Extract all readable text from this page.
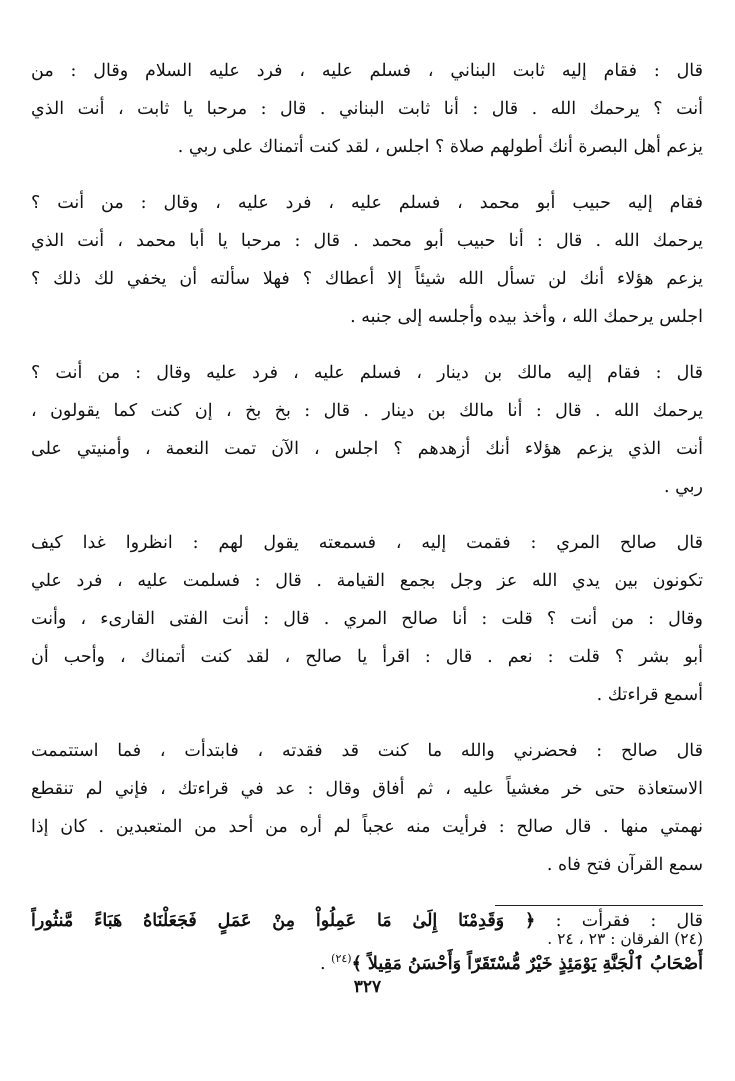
قال : فقام إليه ثابت البناني ، فسلم عليه ، فرد عليه السلام وقال : من
أنت ؟ يرحمك الله . قال : أنا ثابت البناني . قال : مرحبا يا ثابت ، أنت الذي
يزعم أهل البصرة أنك أطولهم صلاة ؟ اجلس ، لقد كنت أتمناك على ربي .
فقام إليه حبيب أبو محمد ، فسلم عليه ، فرد عليه ، وقال : من أنت ؟
يرحمك الله . قال : أنا حبيب أبو محمد . قال : مرحبا يا أبا محمد ، أنت الذي
يزعم هؤلاء أنك لن تسأل الله شيئاً إلا أعطاك ؟ فهلا سألته أن يخفي لك ذلك ؟
اجلس يرحمك الله ، وأخذ بيده وأجلسه إلى جنبه .
قال : فقام إليه مالك بن دينار ، فسلم عليه ، فرد عليه وقال : من أنت ؟
يرحمك الله . قال : أنا مالك بن دينار . قال : بخ بخ ، إن كنت كما يقولون ،
أنت الذي يزعم هؤلاء أنك أزهدهم ؟ اجلس ، الآن تمت النعمة ، وأمنيتي على
ربي .
قال صالح المري : فقمت إليه ، فسمعته يقول لهم : انظروا غدا كيف
تكونون بين يدي الله عز وجل بجمع القيامة . قال : فسلمت عليه ، فرد علي
وقال : من أنت ؟ قلت : أنا صالح المري . قال : أنت الفتى القارىء ، وأنت
أبو بشر ؟ قلت : نعم . قال : اقرأ يا صالح ، لقد كنت أتمناك ، وأحب أن
أسمع قراءتك .
قال صالح : فحضرني والله ما كنت قد فقدته ، فابتدأت ، فما استتممت
الاستعاذة حتى خر مغشياً عليه ، ثم أفاق وقال : عد في قراءتك ، فإني لم تنقطع
نهمتي منها . قال صالح : فرأيت منه عجباً لم أره من أحد من المتعبدين . كان إذا
سمع القرآن فتح فاه .
قال : فقرأت : ﴿ وَقَدِمْنَا إِلَىٰ مَا عَمِلُواْ مِنْ عَمَلٍ فَجَعَلْنَاهُ هَبَاءً مَّنثُوراً
أَصْحَابُ ٱلْجَنَّةِ يَوْمَئِذٍ خَيْرٌ مُّسْتَقَرّاً وَأَحْسَنُ مَقِيلاً ﴾$^{(٢٤)}$ .
(٢٤) الفرقان : ٢٣ ، ٢٤ .
٣٢٧
